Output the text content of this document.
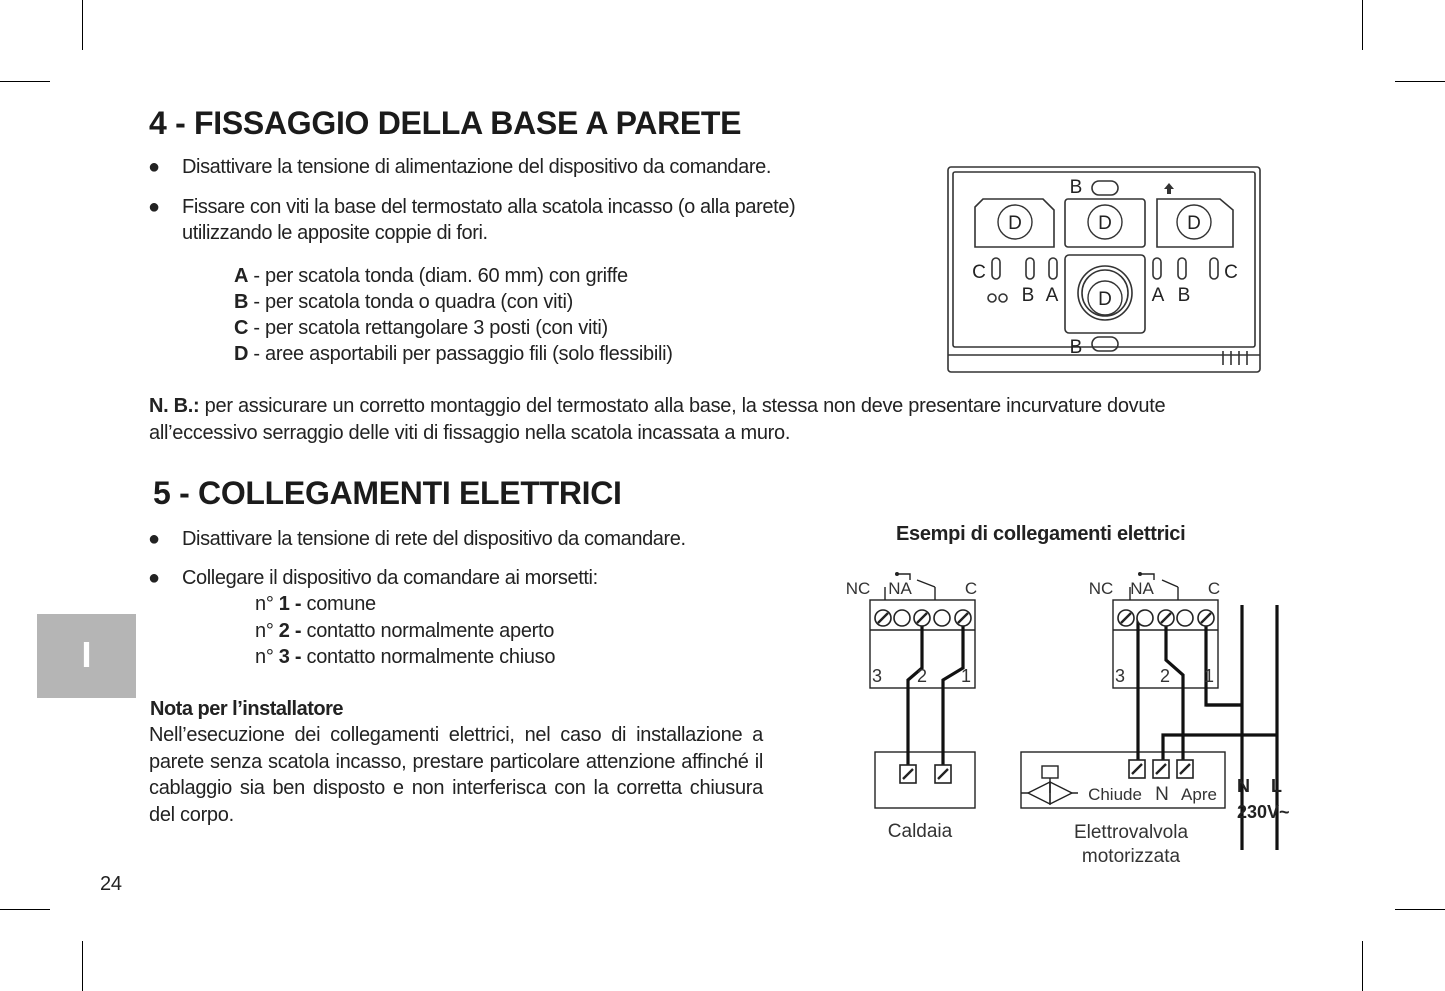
4 - FISSAGGIO DELLA BASE A PARETE
● Disattivare la tensione di alimentazione del dispositivo da comandare.
● Fissare con viti la base del termostato alla scatola incasso (o alla parete) utilizzando le apposite coppie di fori.
A - per scatola tonda (diam. 60 mm) con griffe
B - per scatola tonda o quadra (con viti)
C - per scatola rettangolare 3 posti (con viti)
D - aree asportabili per passaggio fili (solo flessibili)
B
D	D	D
C	C
B A D A B
B
N. B.: per assicurare un corretto montaggio del termostato alla base, la stessa non deve presentare incurvature dovute all’eccessivo serraggio delle viti di fissaggio nella scatola incassata a muro.
5 - COLLEGAMENTI ELETTRICI
● Disattivare la tensione di rete del dispositivo da comandare.
● Collegare il dispositivo da comandare ai morsetti:
n° 1 - comune
n° 2 - contatto normalmente aperto
n° 3 - contatto normalmente chiuso
Nota per l’installatore
Nell’esecuzione dei collegamenti elettrici, nel caso di installazione a parete senza scatola incasso, prestare particolare attenzione affinché il cablaggio sia ben disposto e non interferisca con la corretta chiusura del corpo.
I
24
Esempi di collegamenti elettrici
NC NA	C	NC NA	C
3 2 1	3 2 1
Chiude N Apre
Caldaia	Elettrovalvola
motorizzata
N L
230V~
